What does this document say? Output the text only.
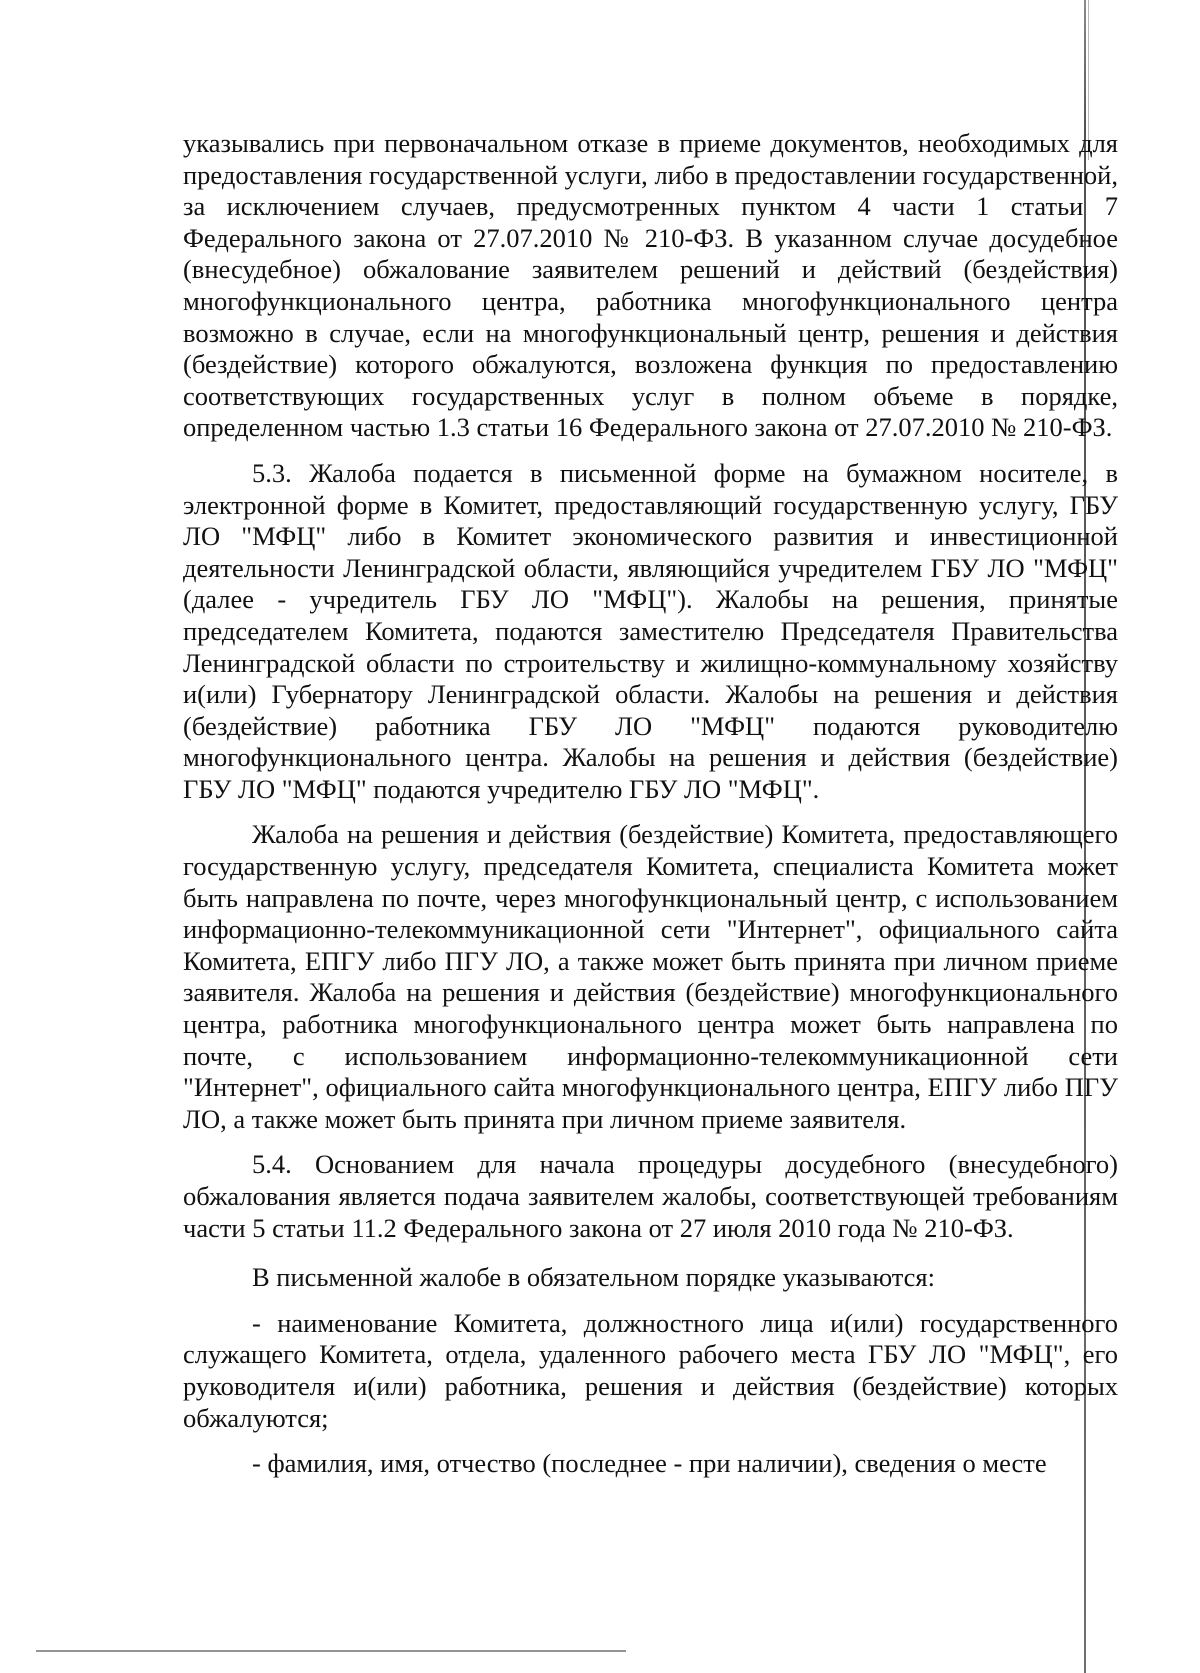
указывались при первоначальном отказе в приеме документов, необходимых для предоставления государственной услуги, либо в предоставлении государственной, за исключением случаев, предусмотренных пунктом 4 части 1 статьи 7 Федерального закона от 27.07.2010 № 210-ФЗ. В указанном случае досудебное (внесудебное) обжалование заявителем решений и действий (бездействия) многофункционального центра, работника многофункционального центра возможно в случае, если на многофункциональный центр, решения и действия (бездействие) которого обжалуются, возложена функция по предоставлению соответствующих государственных услуг в полном объеме в порядке, определенном частью 1.3 статьи 16 Федерального закона от 27.07.2010 № 210-ФЗ.

5.3. Жалоба подается в письменной форме на бумажном носителе, в электронной форме в Комитет, предоставляющий государственную услугу, ГБУ ЛО "МФЦ" либо в Комитет экономического развития и инвестиционной деятельности Ленинградской области, являющийся учредителем ГБУ ЛО "МФЦ" (далее - учредитель ГБУ ЛО "МФЦ"). Жалобы на решения, принятые председателем Комитета, подаются заместителю Председателя Правительства Ленинградской области по строительству и жилищно-коммунальному хозяйству и(или) Губернатору Ленинградской области. Жалобы на решения и действия (бездействие) работника ГБУ ЛО "МФЦ" подаются руководителю многофункционального центра. Жалобы на решения и действия (бездействие) ГБУ ЛО "МФЦ" подаются учредителю ГБУ ЛО "МФЦ".

Жалоба на решения и действия (бездействие) Комитета, предоставляющего государственную услугу, председателя Комитета, специалиста Комитета может быть направлена по почте, через многофункциональный центр, с использованием информационно-телекоммуникационной сети "Интернет", официального сайта Комитета, ЕПГУ либо ПГУ ЛО, а также может быть принята при личном приеме заявителя. Жалоба на решения и действия (бездействие) многофункционального центра, работника многофункционального центра может быть направлена по почте, с использованием информационно-телекоммуникационной сети "Интернет", официального сайта многофункционального центра, ЕПГУ либо ПГУ ЛО, а также может быть принята при личном приеме заявителя.

5.4. Основанием для начала процедуры досудебного (внесудебного) обжалования является подача заявителем жалобы, соответствующей требованиям части 5 статьи 11.2 Федерального закона от 27 июля 2010 года № 210-ФЗ.

В письменной жалобе в обязательном порядке указываются:

- наименование Комитета, должностного лица и(или) государственного служащего Комитета, отдела, удаленного рабочего места ГБУ ЛО "МФЦ", его руководителя и(или) работника, решения и действия (бездействие) которых обжалуются;

- фамилия, имя, отчество (последнее - при наличии), сведения о месте
